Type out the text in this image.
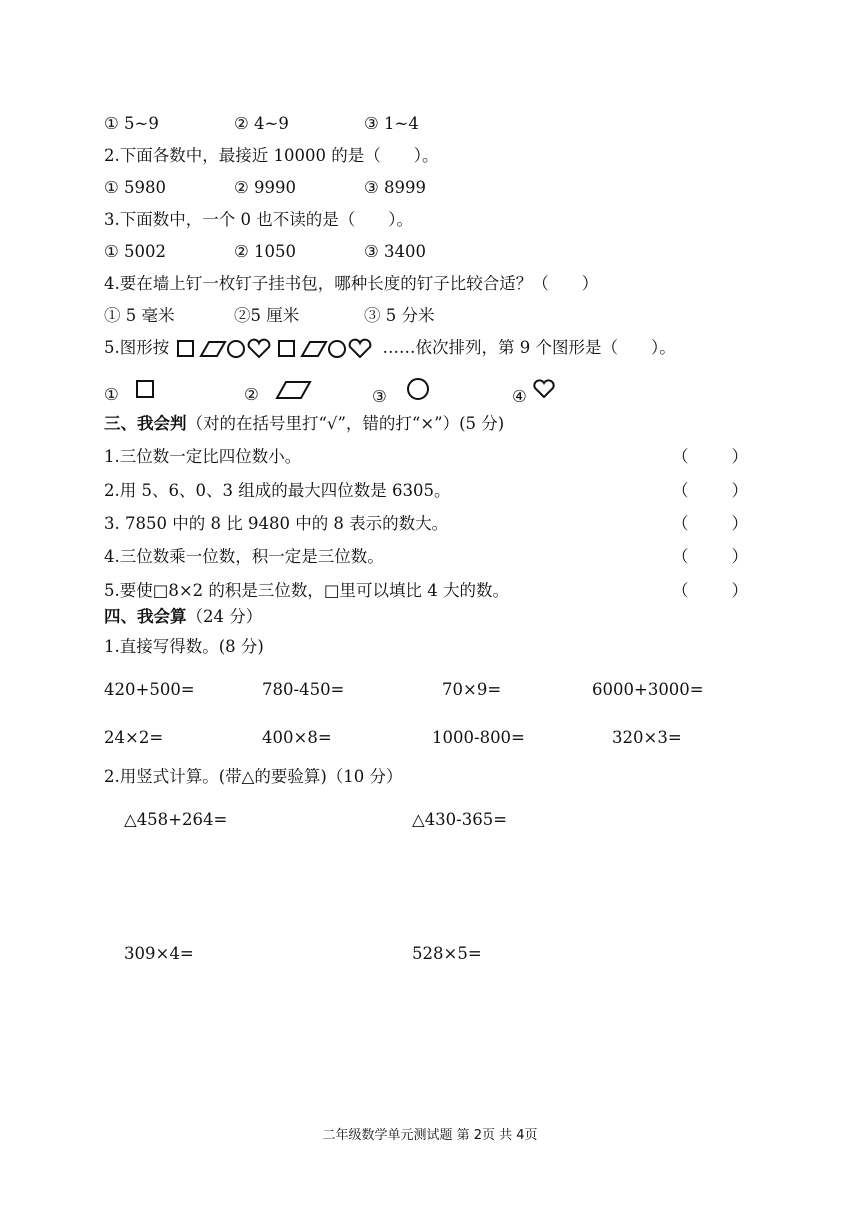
① 5~9	② 4~9	③ 1~4
2.下面各数中，最接近 10000 的是（　　）。
① 5980	② 9990	③ 8999
3.下面数中，一个 0 也不读的是（　　）。
① 5002	② 1050	③ 3400
4.要在墙上钉一枚钉子挂书包，哪种长度的钉子比较合适？（　　）
① 5 毫米	②5 厘米	③ 5 分米
5.图形按	……依次排列，第 9 个图形是（　　）。
①	②	③	④
三、我会判（对的在括号里打“√”，错的打“×”）(5 分)
1.三位数一定比四位数小。	（	）
2.用 5、6、0、3 组成的最大四位数是 6305。	（	）
3. 7850 中的 8 比 9480 中的 8 表示的数大。	（	）
4.三位数乘一位数，积一定是三位数。	（	）
5.要使□8×2 的积是三位数，□里可以填比 4 大的数。	（	）
四、我会算（24 分）
1.直接写得数。(8 分)
420+500=	780-450=	70×9=	6000+3000=
24×2=	400×8=	1000-800=	320×3=
2.用竖式计算。(带△的要验算)（10 分）
△458+264=	△430-365=
309×4=	528×5=
二年级数学单元测试题 第 2页 共 4页
